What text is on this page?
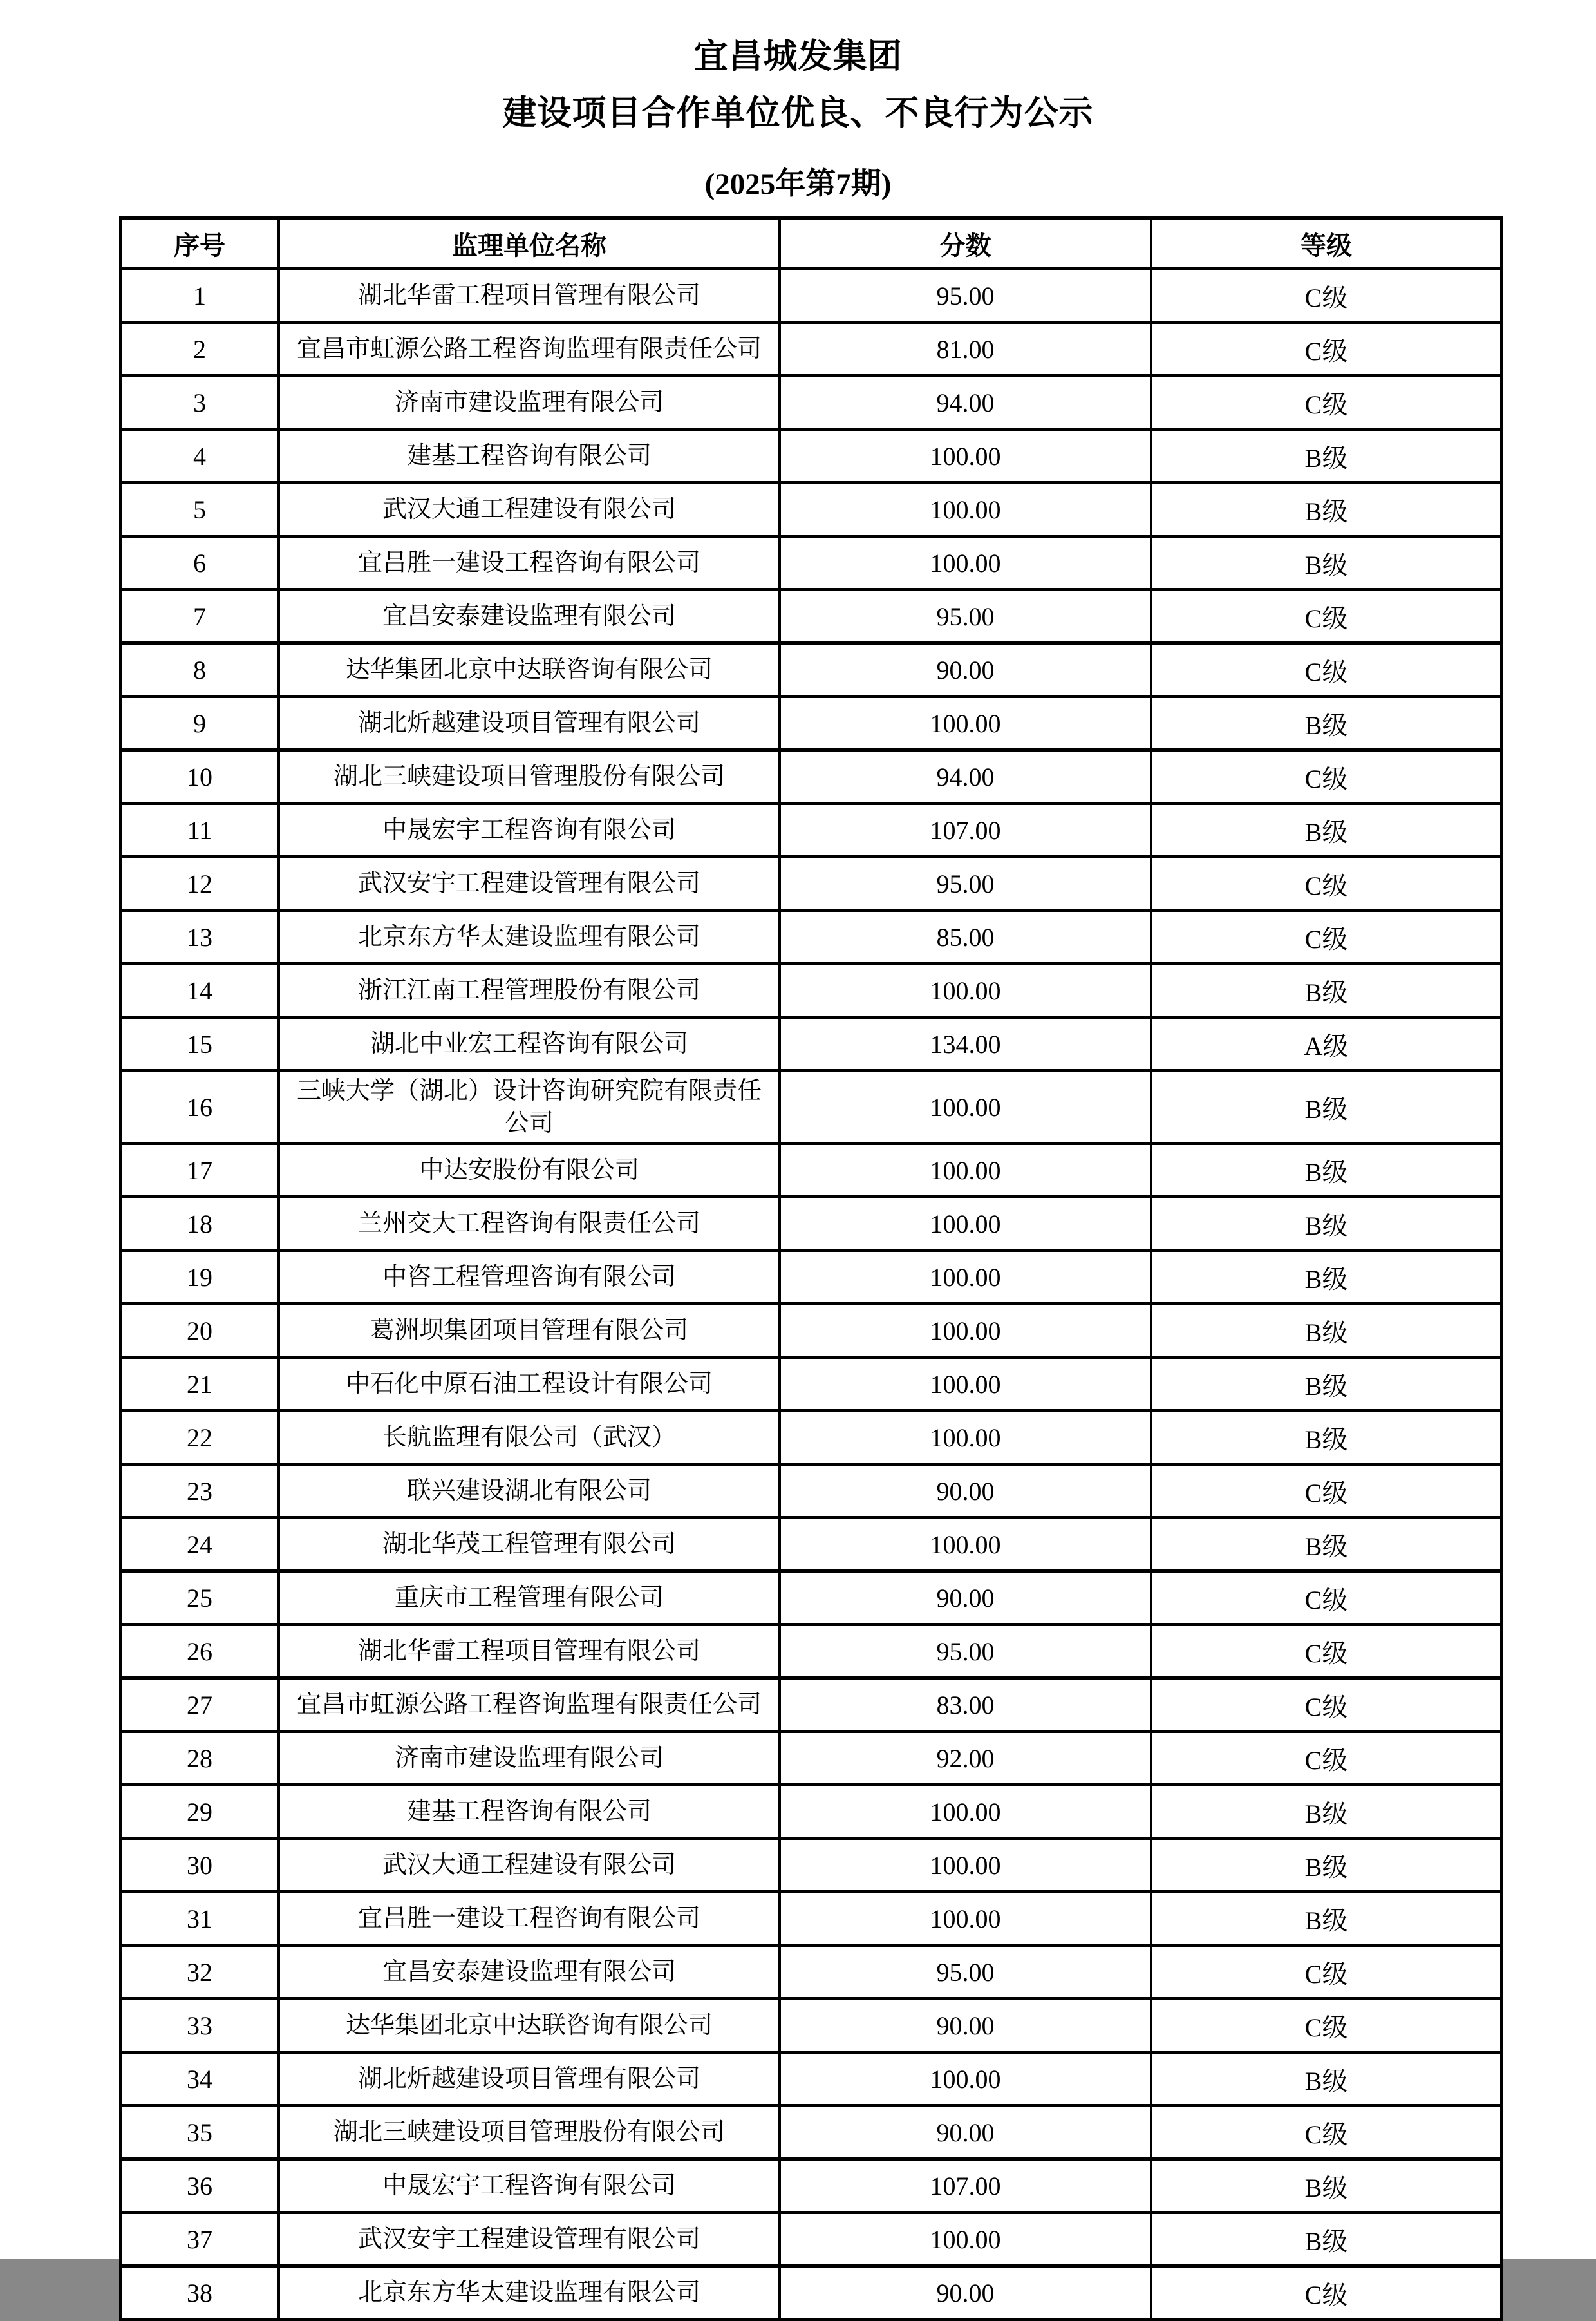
宜昌城发集团
建设项目合作单位优良、不良行为公示
(2025年第7期)
序号	监理单位名称	分数	等级
1	湖北华雷工程项目管理有限公司	95.00	C级
2	宜昌市虹源公路工程咨询监理有限责任公司	81.00	C级
3	济南市建设监理有限公司	94.00	C级
4	建基工程咨询有限公司	100.00	B级
5	武汉大通工程建设有限公司	100.00	B级
6	宜吕胜一建设工程咨询有限公司	100.00	B级
7	宜昌安泰建设监理有限公司	95.00	C级
8	达华集团北京中达联咨询有限公司	90.00	C级
9	湖北炘越建设项目管理有限公司	100.00	B级
10	湖北三峡建设项目管理股份有限公司	94.00	C级
11	中晟宏宇工程咨询有限公司	107.00	B级
12	武汉安宇工程建设管理有限公司	95.00	C级
13	北京东方华太建设监理有限公司	85.00	C级
14	浙江江南工程管理股份有限公司	100.00	B级
15	湖北中业宏工程咨询有限公司	134.00	A级
16	三峡大学（湖北）设计咨询研究院有限责任公司	100.00	B级
17	中达安股份有限公司	100.00	B级
18	兰州交大工程咨询有限责任公司	100.00	B级
19	中咨工程管理咨询有限公司	100.00	B级
20	葛洲坝集团项目管理有限公司	100.00	B级
21	中石化中原石油工程设计有限公司	100.00	B级
22	长航监理有限公司（武汉）	100.00	B级
23	联兴建设湖北有限公司	90.00	C级
24	湖北华茂工程管理有限公司	100.00	B级
25	重庆市工程管理有限公司	90.00	C级
26	湖北华雷工程项目管理有限公司	95.00	C级
27	宜昌市虹源公路工程咨询监理有限责任公司	83.00	C级
28	济南市建设监理有限公司	92.00	C级
29	建基工程咨询有限公司	100.00	B级
30	武汉大通工程建设有限公司	100.00	B级
31	宜吕胜一建设工程咨询有限公司	100.00	B级
32	宜昌安泰建设监理有限公司	95.00	C级
33	达华集团北京中达联咨询有限公司	90.00	C级
34	湖北炘越建设项目管理有限公司	100.00	B级
35	湖北三峡建设项目管理股份有限公司	90.00	C级
36	中晟宏宇工程咨询有限公司	107.00	B级
37	武汉安宇工程建设管理有限公司	100.00	B级
38	北京东方华太建设监理有限公司	90.00	C级
